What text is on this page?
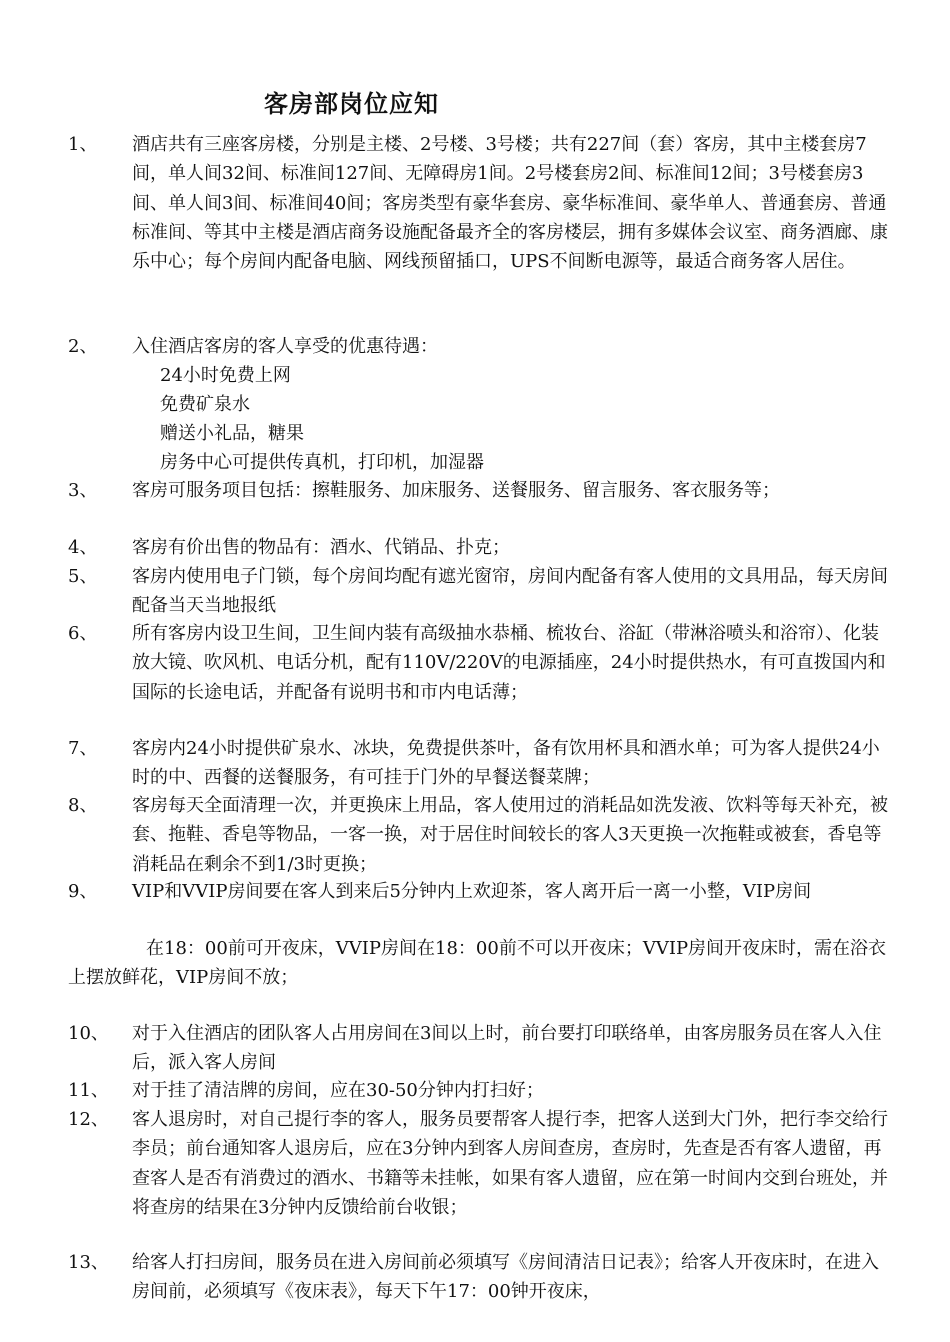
客房部岗位应知
1、 酒店共有三座客房楼，分别是主楼、2号楼、3号楼；共有227间（套）客房，其中主楼套房7间，单人间32间、标准间127间、无障碍房1间。2号楼套房2间、标准间12间；3号楼套房3间、单人间3间、标准间40间；客房类型有豪华套房、豪华标准间、豪华单人、普通套房、普通标准间、等其中主楼是酒店商务设施配备最齐全的客房楼层，拥有多媒体会议室、商务酒廊、康乐中心；每个房间内配备电脑、网线预留插口，UPS不间断电源等，最适合商务客人居住。
2、 入住酒店客房的客人享受的优惠待遇：
24小时免费上网
免费矿泉水
赠送小礼品，糖果
房务中心可提供传真机，打印机，加湿器
3、 客房可服务项目包括：擦鞋服务、加床服务、送餐服务、留言服务、客衣服务等；
4、 客房有价出售的物品有：酒水、代销品、扑克；
5、 客房内使用电子门锁，每个房间均配有遮光窗帘，房间内配备有客人使用的文具用品，每天房间配备当天当地报纸
6、 所有客房内设卫生间，卫生间内装有高级抽水恭桶、梳妆台、浴缸（带淋浴喷头和浴帘）、化装放大镜、吹风机、电话分机，配有110V/220V的电源插座，24小时提供热水，有可直拨国内和国际的长途电话，并配备有说明书和市内电话薄；
7、 客房内24小时提供矿泉水、冰块，免费提供茶叶，备有饮用杯具和酒水单；可为客人提供24小时的中、西餐的送餐服务，有可挂于门外的早餐送餐菜牌；
8、 客房每天全面清理一次，并更换床上用品，客人使用过的消耗品如洗发液、饮料等每天补充，被套、拖鞋、香皂等物品，一客一换，对于居住时间较长的客人3天更换一次拖鞋或被套，香皂等消耗品在剩余不到1/3时更换；
9、 VIP和VVIP房间要在客人到来后5分钟内上欢迎茶，客人离开后一离一小整，VIP房间
在18：00前可开夜床，VVIP房间在18：00前不可以开夜床；VVIP房间开夜床时，需在浴衣上摆放鲜花，VIP房间不放；
10、 对于入住酒店的团队客人占用房间在3间以上时，前台要打印联络单，由客房服务员在客人入住后，派入客人房间
11、 对于挂了清洁牌的房间，应在30-50分钟内打扫好；
12、 客人退房时，对自己提行李的客人，服务员要帮客人提行李，把客人送到大门外，把行李交给行李员；前台通知客人退房后，应在3分钟内到客人房间查房，查房时，先查是否有客人遗留，再查客人是否有消费过的酒水、书籍等未挂帐，如果有客人遗留，应在第一时间内交到台班处，并将查房的结果在3分钟内反馈给前台收银；
13、 给客人打扫房间，服务员在进入房间前必须填写《房间清洁日记表》；给客人开夜床时，在进入房间前，必须填写《夜床表》，每天下午17：00钟开夜床，
